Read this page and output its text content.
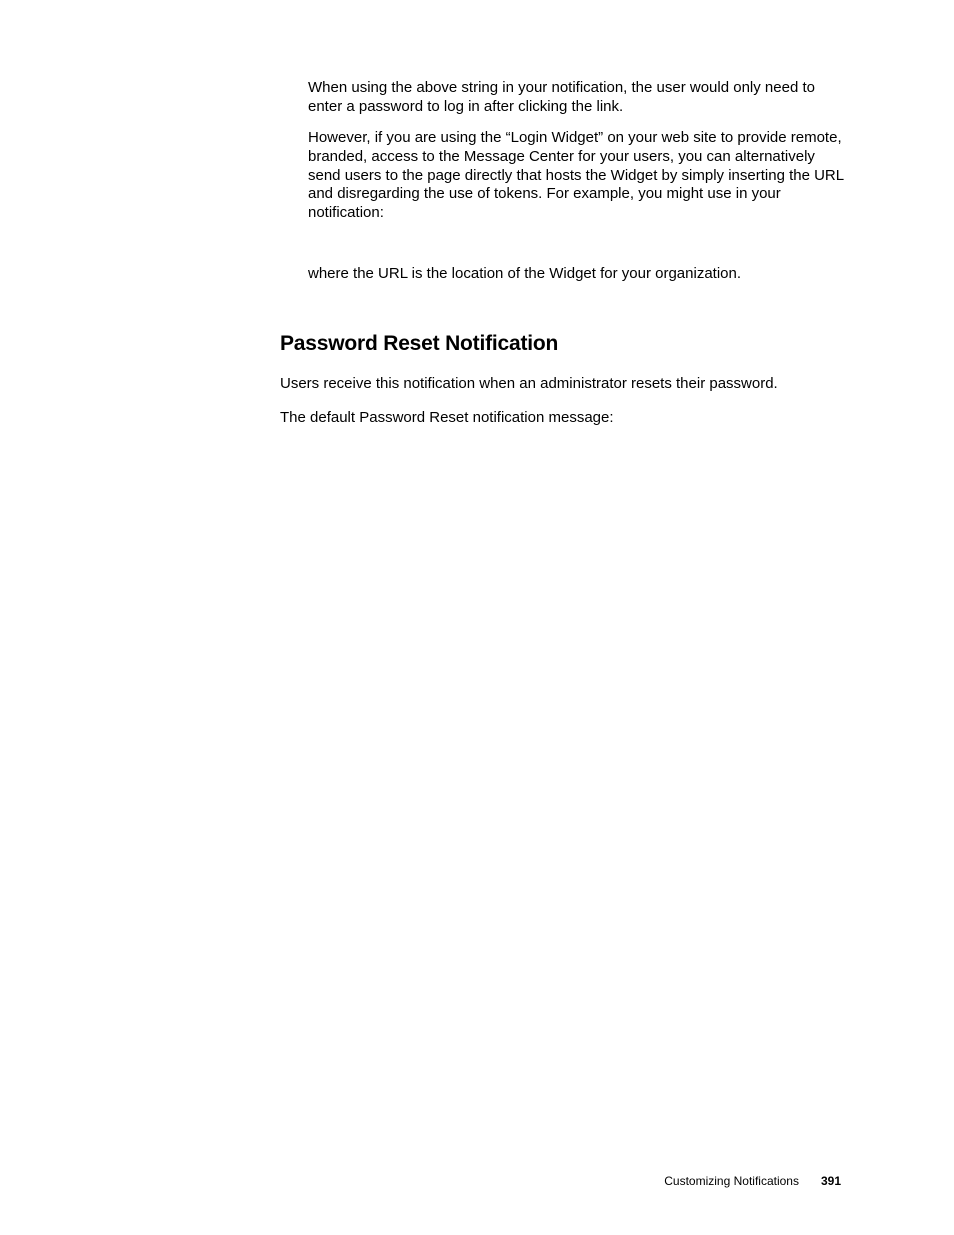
When using the above string in your notification, the user would only need to enter a password to log in after clicking the link.

However, if you are using the “Login Widget” on your web site to provide remote, branded, access to the Message Center for your users, you can alternatively send users to the page directly that hosts the Widget by simply inserting the URL and disregarding the use of tokens. For example, you might use in your notification:

where the URL is the location of the Widget for your organization.

Password Reset Notification

Users receive this notification when an administrator resets their password.

The default Password Reset notification message:

Customizing Notifications 391
